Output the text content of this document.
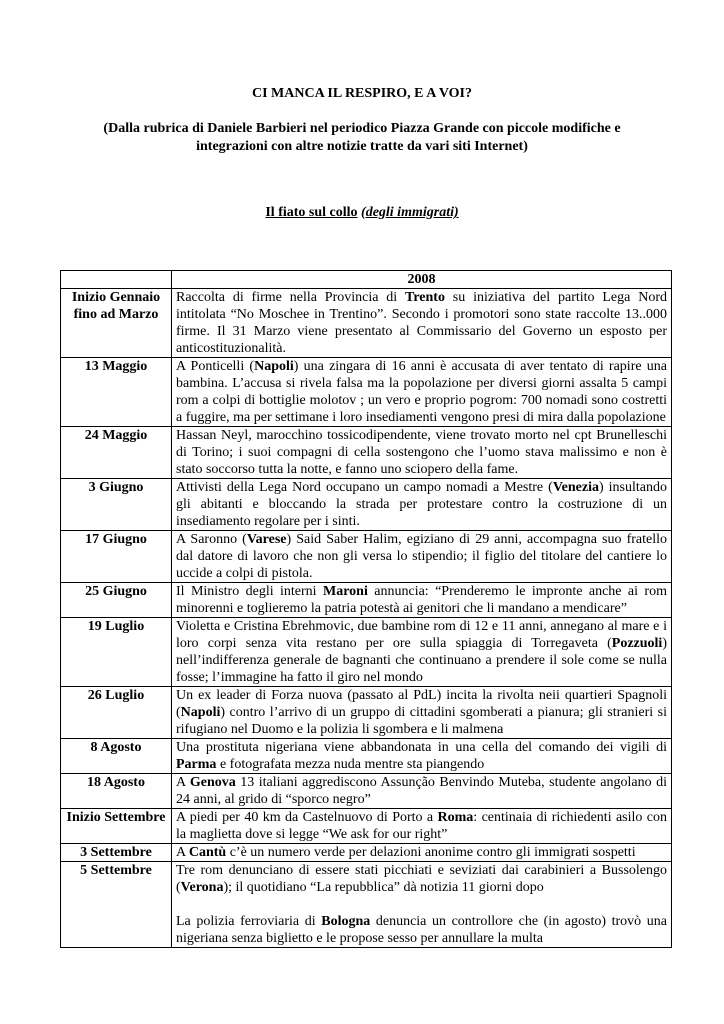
CI MANCA IL RESPIRO, E A VOI?
(Dalla rubrica di Daniele Barbieri nel periodico Piazza Grande con piccole modifiche e integrazioni con altre notizie tratte da vari siti Internet)
Il fiato sul collo (degli immigrati)
	2008
Inizio Gennaio fino ad Marzo	Raccolta di firme nella Provincia di Trento su iniziativa del partito Lega Nord intitolata “No Moschee in Trentino”. Secondo i promotori sono state raccolte 13..000 firme. Il 31 Marzo viene presentato al Commissario del Governo un esposto per anticostituzionalità.
13 Maggio	A Ponticelli (Napoli) una zingara di 16 anni è accusata di aver tentato di rapire una bambina. L’accusa si rivela falsa ma la popolazione per diversi giorni assalta 5 campi rom a colpi di bottiglie molotov ; un vero e proprio pogrom: 700 nomadi sono costretti a fuggire, ma per settimane i loro insediamenti vengono presi di mira dalla popolazione
24 Maggio	Hassan Neyl, marocchino tossicodipendente, viene trovato morto nel cpt Brunelleschi di Torino; i suoi compagni di cella sostengono che l’uomo stava malissimo e non è stato soccorso tutta la notte, e fanno uno sciopero della fame.
3 Giugno	Attivisti della Lega Nord occupano un campo nomadi a Mestre (Venezia) insultando gli abitanti e bloccando la strada per protestare contro la costruzione di un insediamento regolare per i sinti.
17 Giugno	A Saronno (Varese) Said Saber Halim, egiziano di 29 anni, accompagna suo fratello dal datore di lavoro che non gli versa lo stipendio; il figlio del titolare del cantiere lo uccide a colpi di pistola.
25 Giugno	Il Ministro degli interni Maroni annuncia: “Prenderemo le impronte anche ai rom minorenni e toglieremo la patria potestà ai genitori che li mandano a mendicare”
19 Luglio	Violetta e Cristina Ebrehmovic, due bambine rom di 12 e 11 anni, annegano al mare e i loro corpi senza vita restano per ore sulla spiaggia di Torregaveta (Pozzuoli) nell’indifferenza generale de bagnanti che continuano a prendere il sole come se nulla fosse; l’immagine ha fatto il giro nel mondo
26 Luglio	Un ex leader di Forza nuova (passato al PdL) incita la rivolta neii quartieri Spagnoli (Napoli) contro l’arrivo di un gruppo di cittadini sgomberati a pianura; gli stranieri si rifugiano nel Duomo e la polizia li sgombera e li malmena
8 Agosto	Una prostituta nigeriana viene abbandonata in una cella del comando dei vigili di Parma e fotografata mezza nuda mentre sta piangendo
18 Agosto	A Genova 13 italiani aggrediscono Assunção Benvindo Muteba, studente angolano di 24 anni, al grido di “sporco negro”
Inizio Settembre	A piedi per 40 km da Castelnuovo di Porto a Roma: centinaia di richiedenti asilo con la maglietta dove si legge “We ask for our right”
3 Settembre	A Cantù c’è un numero verde per delazioni anonime contro gli immigrati sospetti
5 Settembre	Tre rom denunciano di essere stati picchiati e seviziati dai carabinieri a Bussolengo (Verona); il quotidiano “La repubblica” dà notizia 11 giorni dopo
La polizia ferroviaria di Bologna denuncia un controllore che (in agosto) trovò una nigeriana senza biglietto e le propose sesso per annullare la multa
